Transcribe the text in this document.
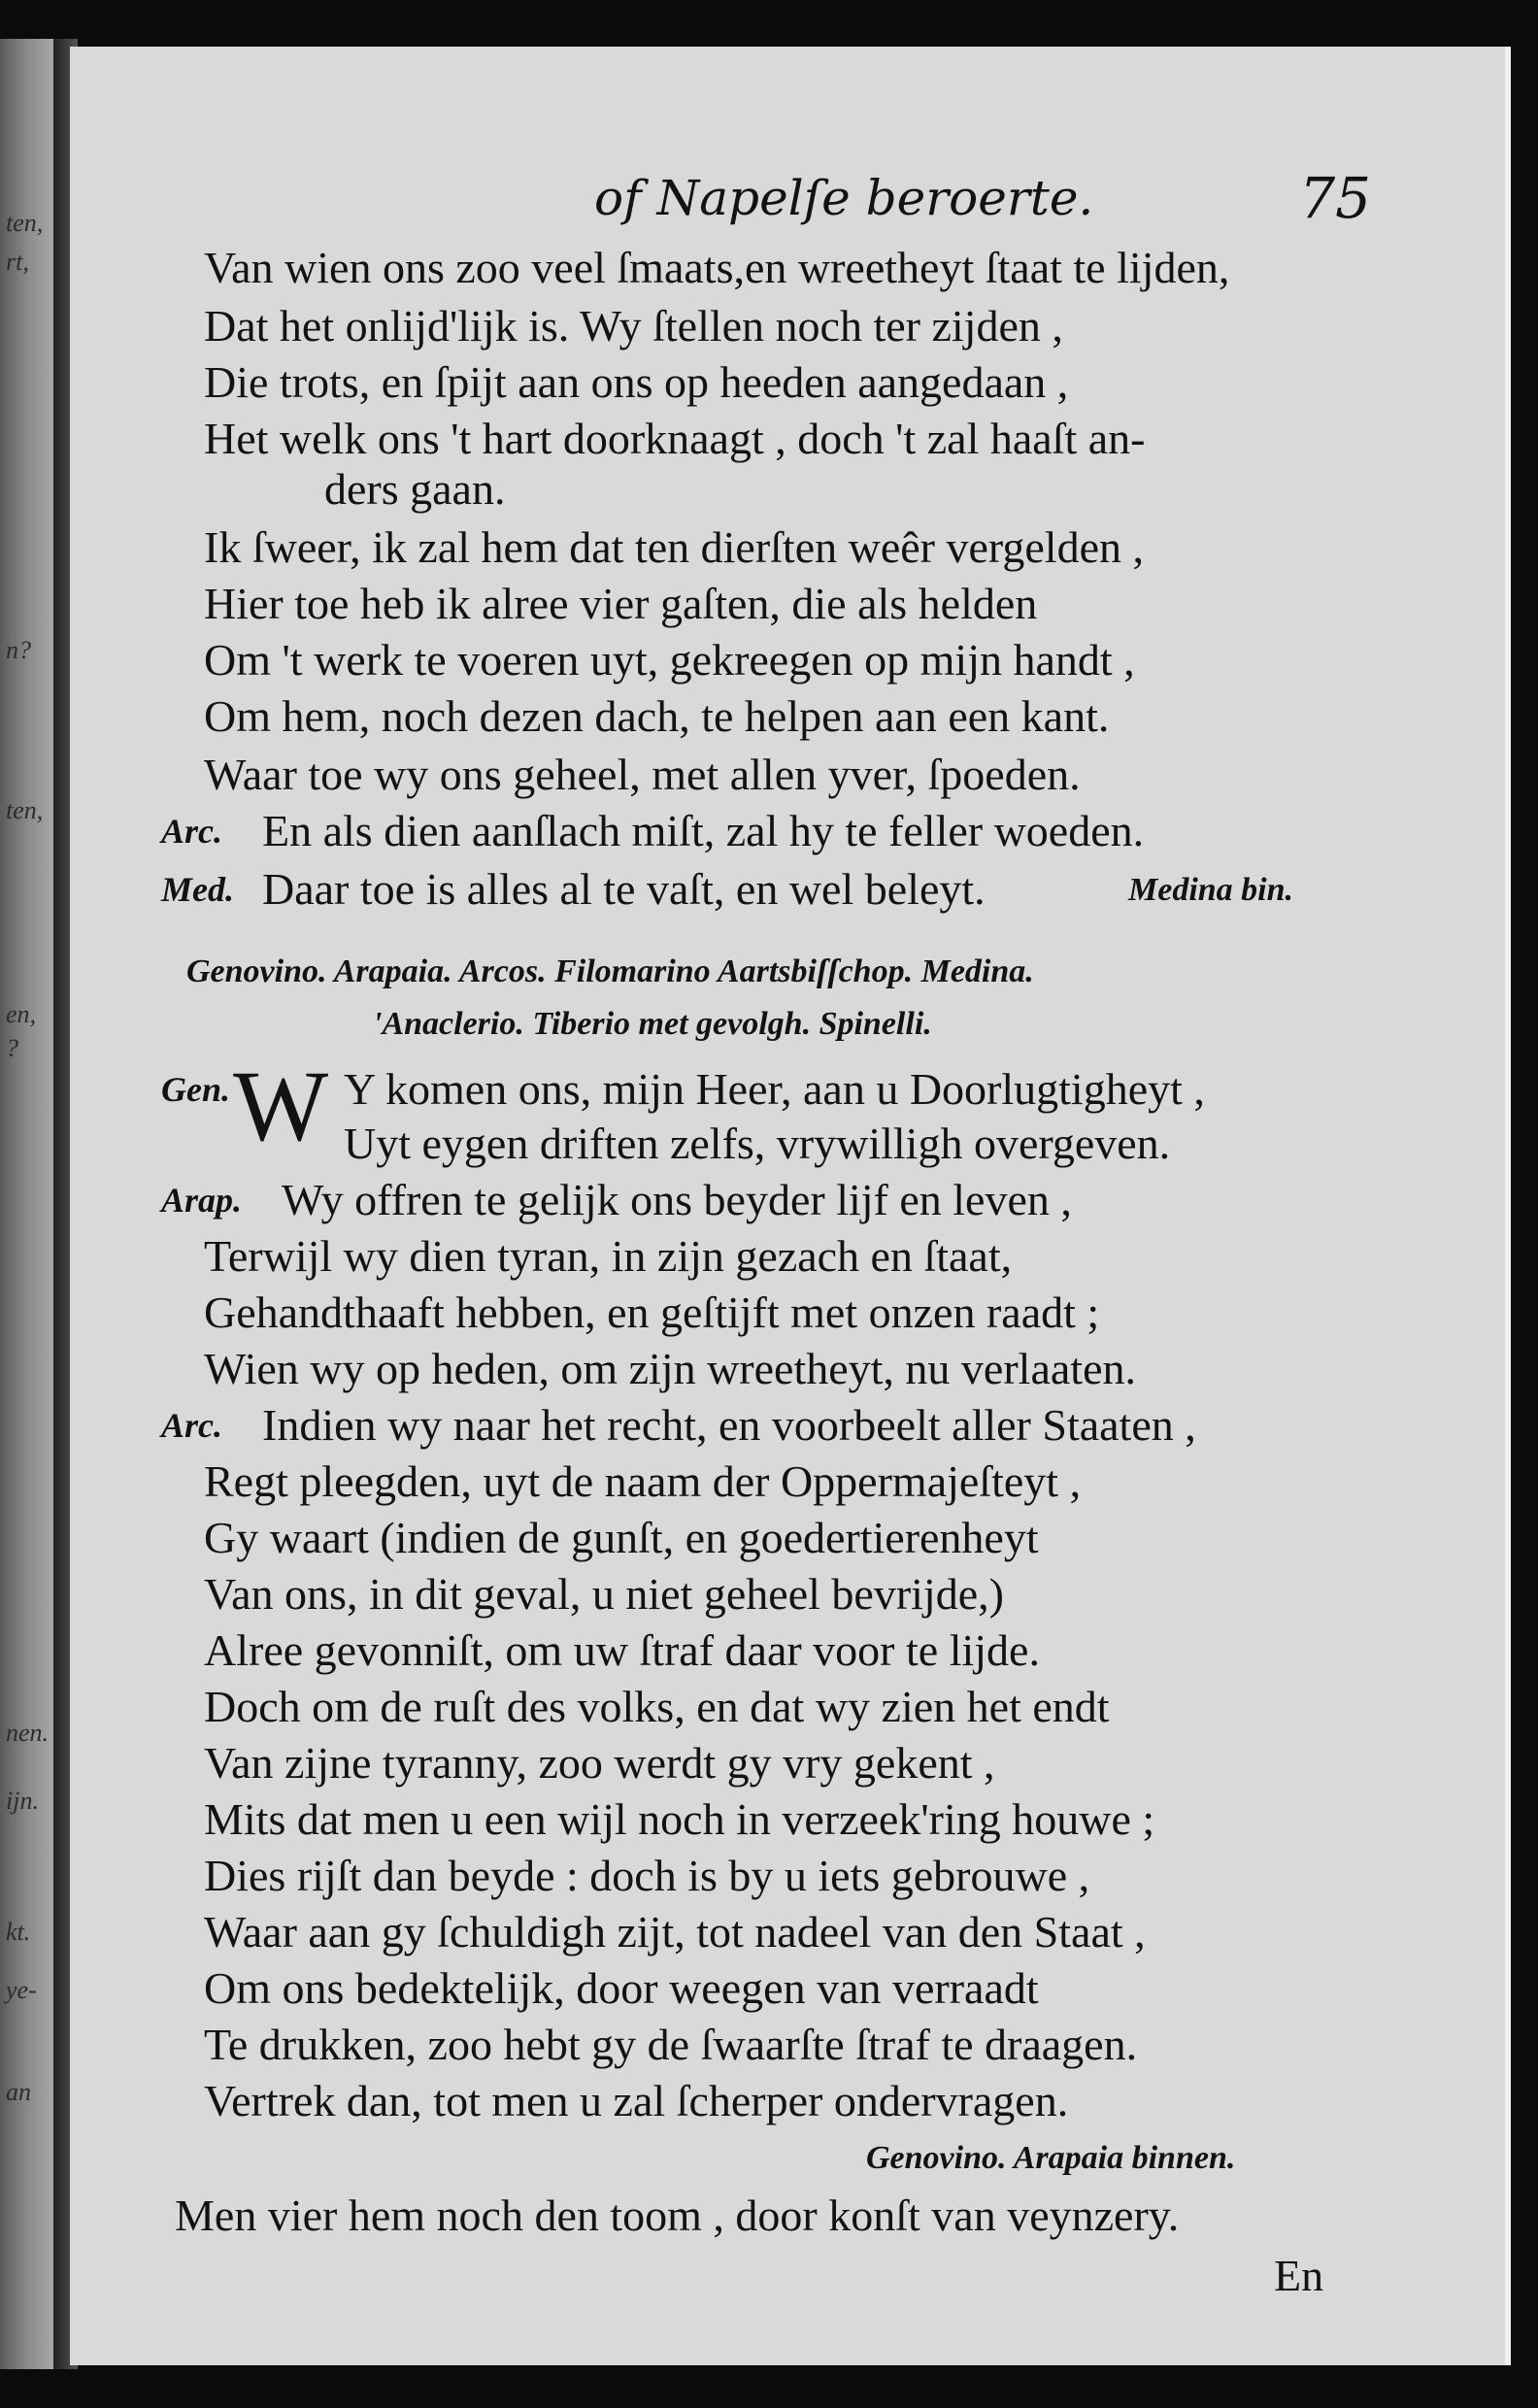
ten,
rt,
n?
ten,
en,
?
nen.
ijn.
kt.
ye-
an
of Napelſe beroerte.	75
Van wien ons zoo veel ſmaats,en wreetheyt ſtaat te lijden,
Dat het onlijd'lijk is. Wy ſtellen noch ter zijden ,
Die trots, en ſpijt aan ons op heeden aangedaan ,
Het welk ons 't hart doorknaagt , doch 't zal haaſt an-
ders gaan.
Ik ſweer, ik zal hem dat ten dierſten weêr vergelden ,
Hier toe heb ik alree vier gaſten, die als helden
Om 't werk te voeren uyt, gekreegen op mijn handt ,
Om hem, noch dezen dach, te helpen aan een kant.
Waar toe wy ons geheel, met allen yver, ſpoeden.
Arc. En als dien aanſlach miſt, zal hy te feller woeden.
Med. Daar toe is alles al te vaſt, en wel beleyt.	Medina bin.
Genovino. Arapaia. Arcos. Filomarino Aartsbiſſchop. Medina.
'Anaclerio. Tiberio met gevolgh. Spinelli.
Gen. W Y komen ons, mijn Heer, aan u Doorlugtigheyt ,
Uyt eygen driften zelfs, vrywilligh overgeven.
Arap. Wy offren te gelijk ons beyder lijf en leven ,
Terwijl wy dien tyran, in zijn gezach en ſtaat,
Gehandthaaft hebben, en geſtijft met onzen raadt ;
Wien wy op heden, om zijn wreetheyt, nu verlaaten.
Arc. Indien wy naar het recht, en voorbeelt aller Staaten ,
Regt pleegden, uyt de naam der Oppermajeſteyt ,
Gy waart (indien de gunſt, en goedertierenheyt
Van ons, in dit geval, u niet geheel bevrijde,)
Alree gevonniſt, om uw ſtraf daar voor te lijde.
Doch om de ruſt des volks, en dat wy zien het endt
Van zijne tyranny, zoo werdt gy vry gekent ,
Mits dat men u een wijl noch in verzeek'ring houwe ;
Dies rijſt dan beyde : doch is by u iets gebrouwe ,
Waar aan gy ſchuldigh zijt, tot nadeel van den Staat ,
Om ons bedektelijk, door weegen van verraadt
Te drukken, zoo hebt gy de ſwaarſte ſtraf te draagen.
Vertrek dan, tot men u zal ſcherper ondervragen.
Genovino. Arapaia binnen.
Men vier hem noch den toom , door konſt van veynzery.
En
